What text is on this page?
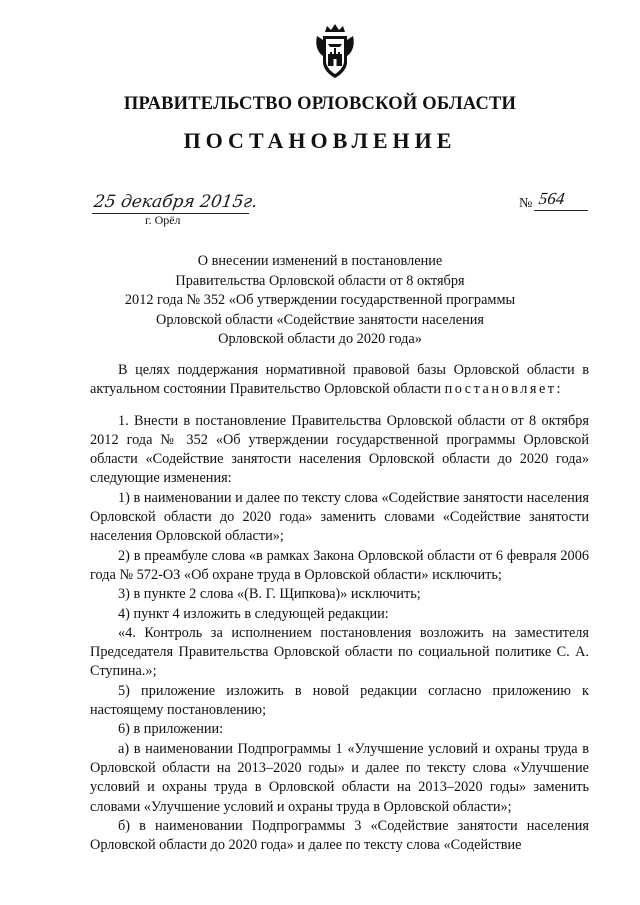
ПРАВИТЕЛЬСТВО ОРЛОВСКОЙ ОБЛАСТИ
ПОСТАНОВЛЕНИЕ
25 декабря 2015г.
г. Орёл
№ 564
О внесении изменений в постановление
Правительства Орловской области от 8 октября
2012 года № 352 «Об утверждении государственной программы
Орловской области «Содействие занятости населения
Орловской области до 2020 года»

В целях поддержания нормативной правовой базы Орловской области в актуальном состоянии Правительство Орловской области постановляет:

1. Внести в постановление Правительства Орловской области от 8 октября 2012 года № 352 «Об утверждении государственной программы Орловской области «Содействие занятости населения Орловской области до 2020 года» следующие изменения:

1) в наименовании и далее по тексту слова «Содействие занятости населения Орловской области до 2020 года» заменить словами «Содействие занятости населения Орловской области»;

2) в преамбуле слова «в рамках Закона Орловской области от 6 февраля 2006 года № 572-ОЗ «Об охране труда в Орловской области» исключить;

3) в пункте 2 слова «(В. Г. Щипкова)» исключить;

4) пункт 4 изложить в следующей редакции:

«4. Контроль за исполнением постановления возложить на заместителя Председателя Правительства Орловской области по социальной политике С. А. Ступина.»;

5) приложение изложить в новой редакции согласно приложению к настоящему постановлению;

6) в приложении:

а) в наименовании Подпрограммы 1 «Улучшение условий и охраны труда в Орловской области на 2013–2020 годы» и далее по тексту слова «Улучшение условий и охраны труда в Орловской области на 2013–2020 годы» заменить словами «Улучшение условий и охраны труда в Орловской области»;

б) в наименовании Подпрограммы 3 «Содействие занятости населения Орловской области до 2020 года» и далее по тексту слова «Содействие
